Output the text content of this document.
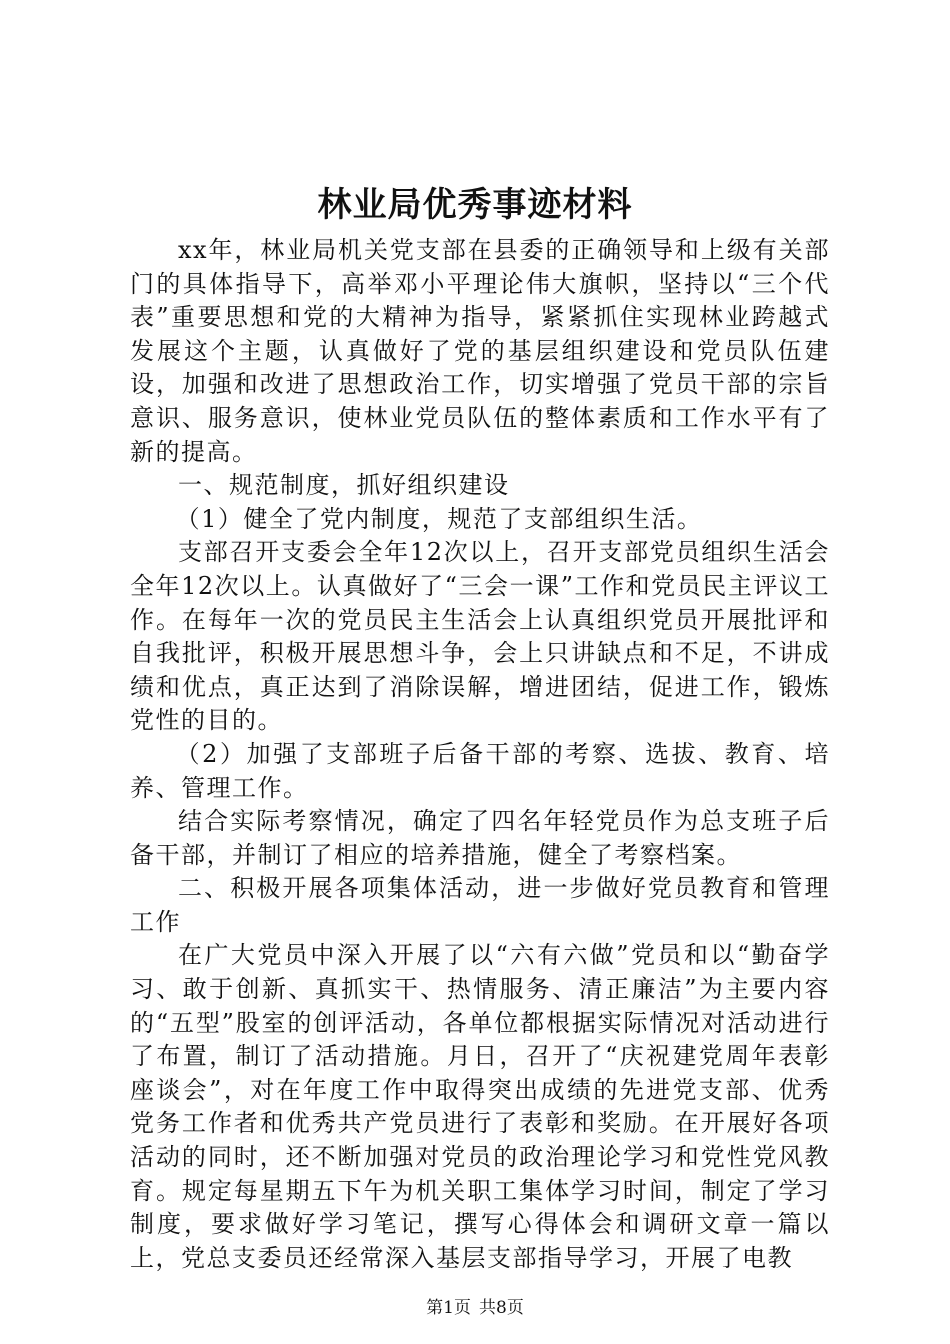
林业局优秀事迹材料

xx年，林业局机关党支部在县委的正确领导和上级有关部门的具体指导下，高举邓小平理论伟大旗帜，坚持以“三个代表”重要思想和党的大精神为指导，紧紧抓住实现林业跨越式发展这个主题，认真做好了党的基层组织建设和党员队伍建设，加强和改进了思想政治工作，切实增强了党员干部的宗旨意识、服务意识，使林业党员队伍的整体素质和工作水平有了新的提高。

一、规范制度，抓好组织建设

（1）健全了党内制度，规范了支部组织生活。

支部召开支委会全年12次以上，召开支部党员组织生活会全年12次以上。认真做好了“三会一课”工作和党员民主评议工作。在每年一次的党员民主生活会上认真组织党员开展批评和自我批评，积极开展思想斗争，会上只讲缺点和不足，不讲成绩和优点，真正达到了消除误解，增进团结，促进工作，锻炼党性的目的。

（2）加强了支部班子后备干部的考察、选拔、教育、培养、管理工作。

结合实际考察情况，确定了四名年轻党员作为总支班子后备干部，并制订了相应的培养措施，健全了考察档案。

二、积极开展各项集体活动，进一步做好党员教育和管理工作

在广大党员中深入开展了以“六有六做”党员和以“勤奋学习、敢于创新、真抓实干、热情服务、清正廉洁”为主要内容的“五型”股室的创评活动，各单位都根据实际情况对活动进行了布置，制订了活动措施。月日，召开了“庆祝建党周年表彰座谈会”，对在年度工作中取得突出成绩的先进党支部、优秀党务工作者和优秀共产党员进行了表彰和奖励。在开展好各项活动的同时，还不断加强对党员的政治理论学习和党性党风教育。规定每星期五下午为机关职工集体学习时间，制定了学习制度，要求做好学习笔记，撰写心得体会和调研文章一篇以上，党总支委员还经常深入基层支部指导学习，开展了电教

第1页 共8页
